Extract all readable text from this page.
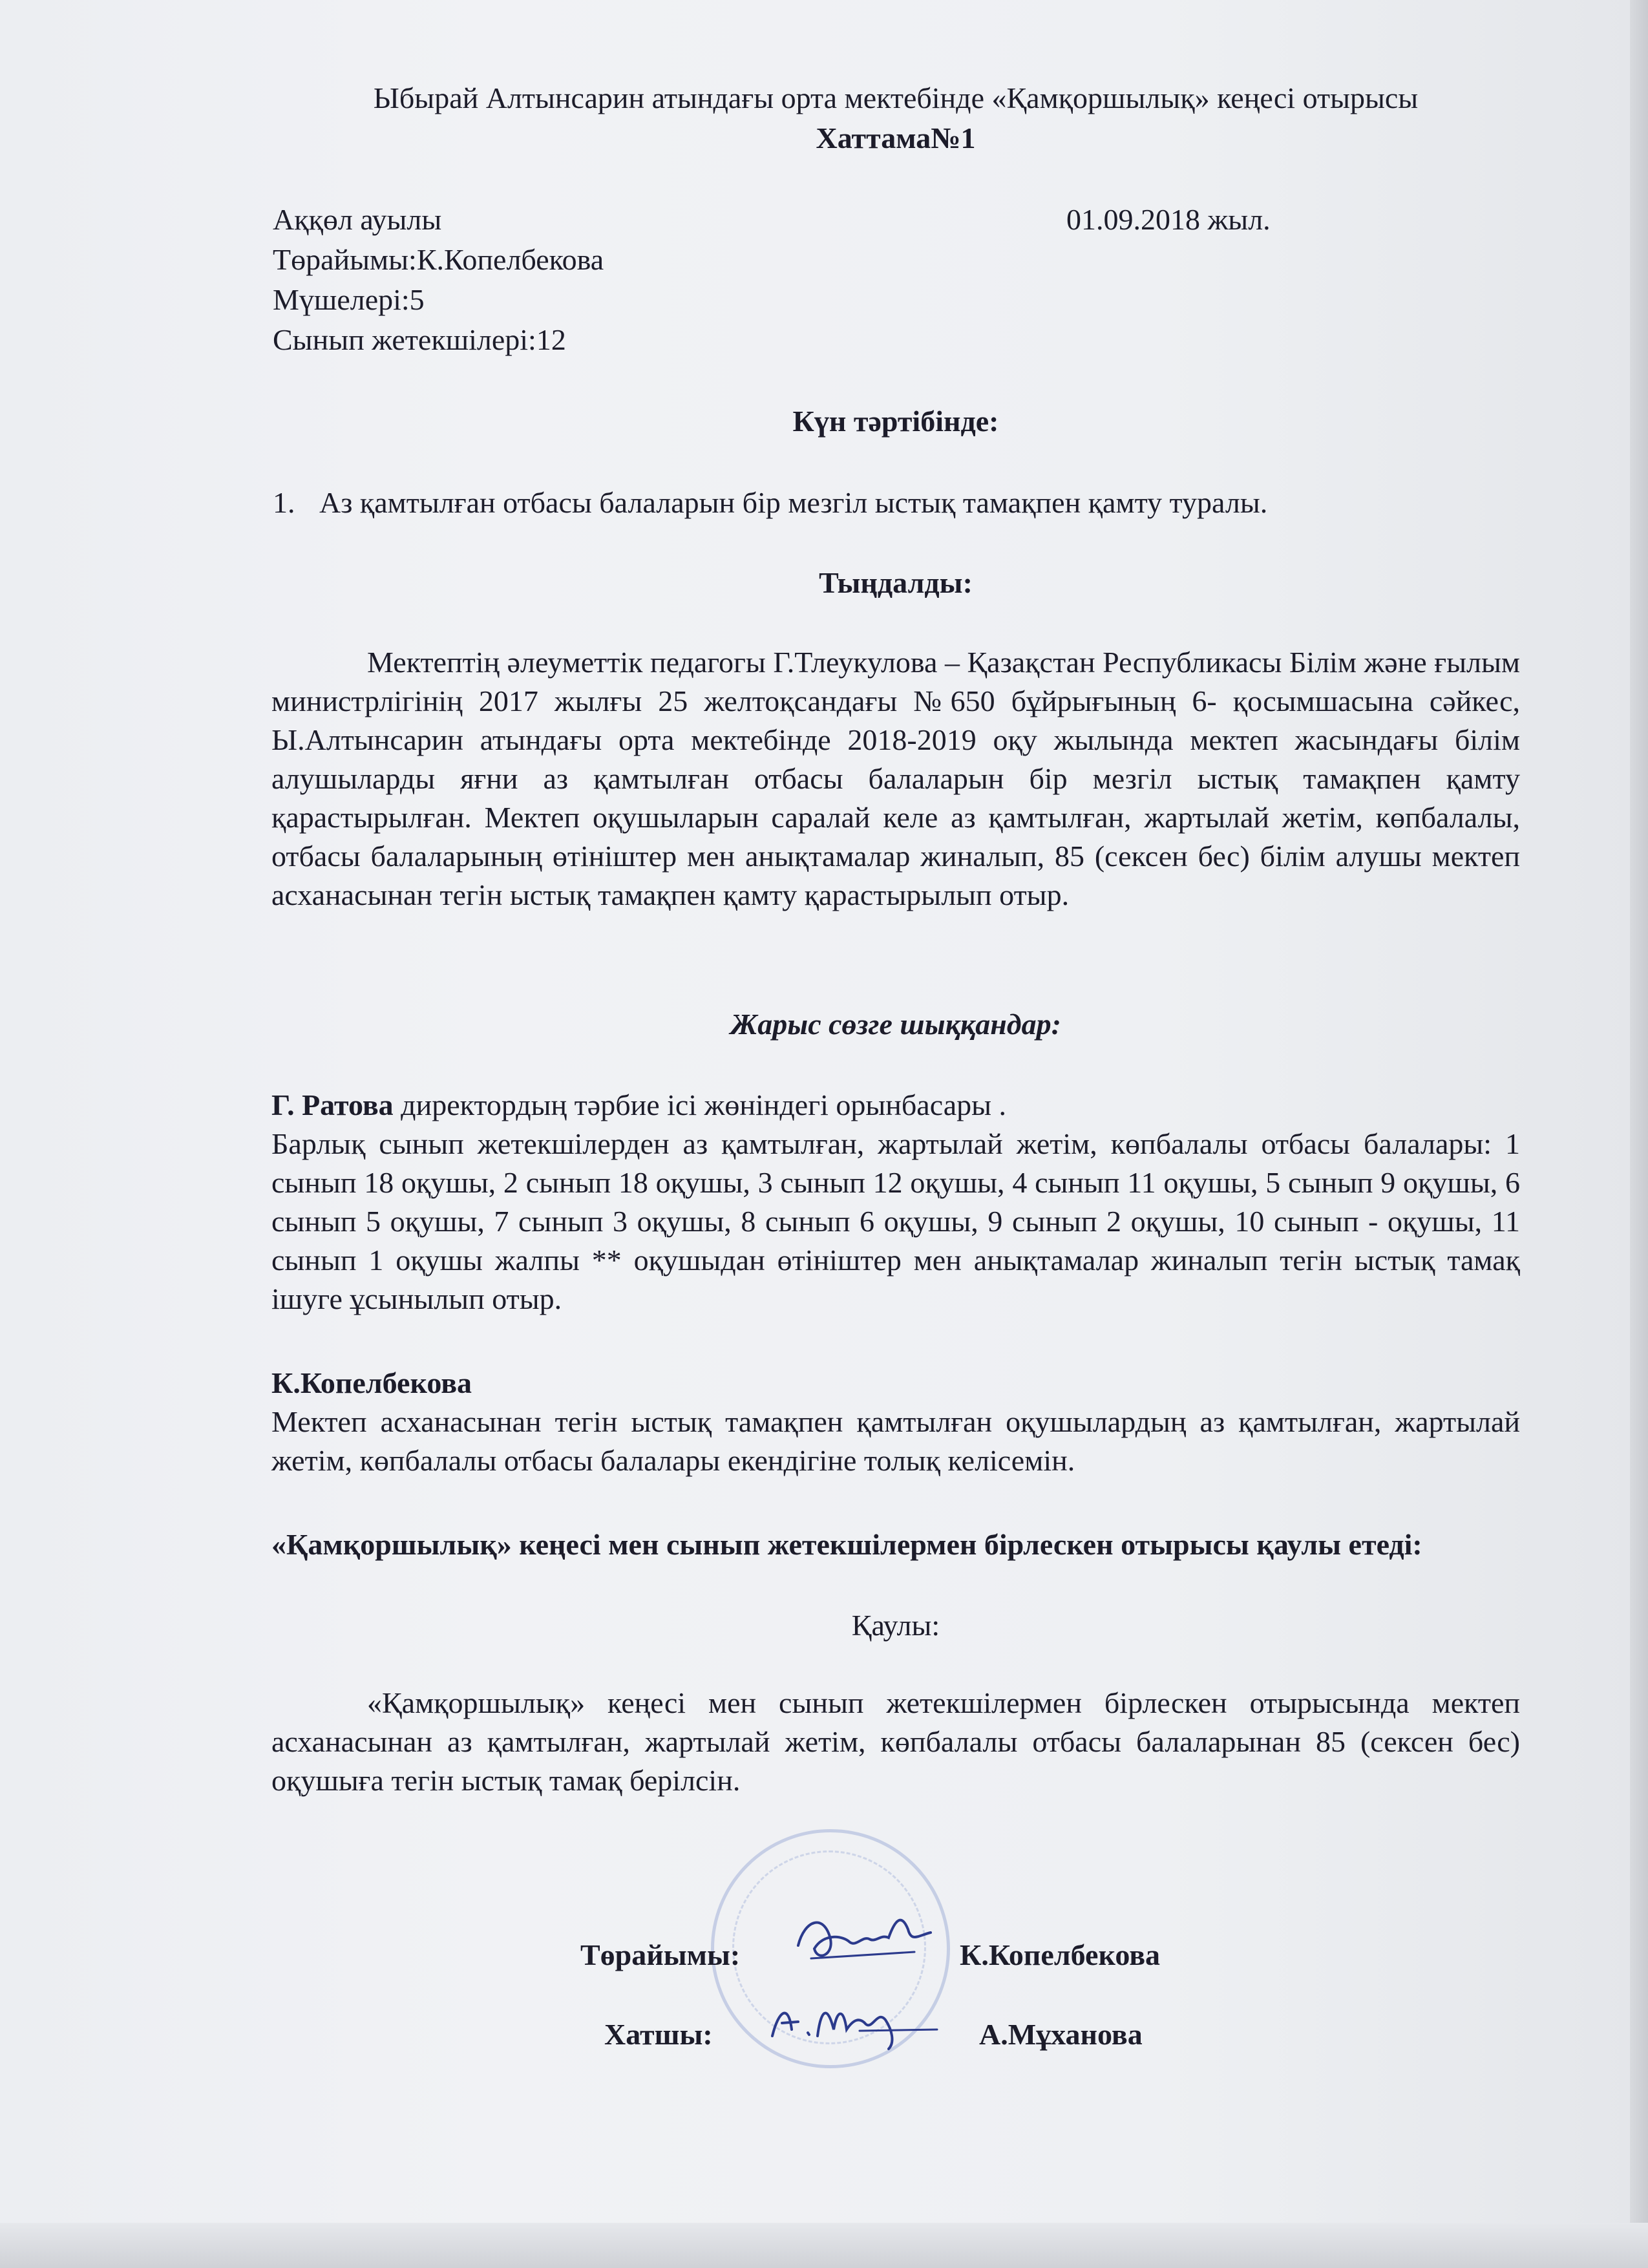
Ыбырай Алтынсарин атындағы орта мектебінде «Қамқоршылық» кеңесі отырысы
Хаттама№1
Аққөл ауылы	01.09.2018 жыл.
Төрайымы:К.Копелбекова
Мүшелері:5
Сынып жетекшілері:12
Күн тәртібінде:
1. Аз қамтылған отбасы балаларын бір мезгіл ыстық тамақпен қамту туралы.
Тыңдалды:
Мектептің әлеуметтік педагогы Г.Тлеукулова – Қазақстан Республикасы Білім және ғылым министрлігінің 2017 жылғы 25 желтоқсандағы №650 бұйрығының 6- қосымшасына сәйкес, Ы.Алтынсарин атындағы орта мектебінде 2018-2019 оқу жылында мектеп жасындағы білім алушыларды яғни аз қамтылған отбасы балаларын бір мезгіл ыстық тамақпен қамту қарастырылған. Мектеп оқушыларын саралай келе аз қамтылған, жартылай жетім, көпбалалы, отбасы балаларының өтініштер мен анықтамалар жиналып, 85 (сексен бес) білім алушы мектеп асханасынан тегін ыстық тамақпен қамту қарастырылып отыр.
Жарыс сөзге шыққандар:
Г. Ратова директордың тәрбие ісі жөніндегі орынбасары .
Барлық сынып жетекшілерден аз қамтылған, жартылай жетім, көпбалалы отбасы балалары: 1 сынып 18 оқушы, 2 сынып 18 оқушы, 3 сынып 12 оқушы, 4 сынып 11 оқушы, 5 сынып 9 оқушы, 6 сынып 5 оқушы, 7 сынып 3 оқушы, 8 сынып 6 оқушы, 9 сынып 2 оқушы, 10 сынып - оқушы, 11 сынып 1 оқушы жалпы ** оқушыдан өтініштер мен анықтамалар жиналып тегін ыстық тамақ ішуге ұсынылып отыр.
К.Копелбекова
Мектеп асханасынан тегін ыстық тамақпен қамтылған оқушылардың аз қамтылған, жартылай жетім, көпбалалы отбасы балалары екендігіне толық келісемін.
«Қамқоршылық» кеңесі мен сынып жетекшілермен бірлескен отырысы қаулы етеді:
Қаулы:
«Қамқоршылық» кеңесі мен сынып жетекшілермен бірлескен отырысында мектеп асханасынан аз қамтылған, жартылай жетім, көпбалалы отбасы балаларынан 85 (сексен бес) оқушыға тегін ыстық тамақ берілсін.
Төрайымы:	К.Копелбекова
Хатшы:	А.Мұханова
